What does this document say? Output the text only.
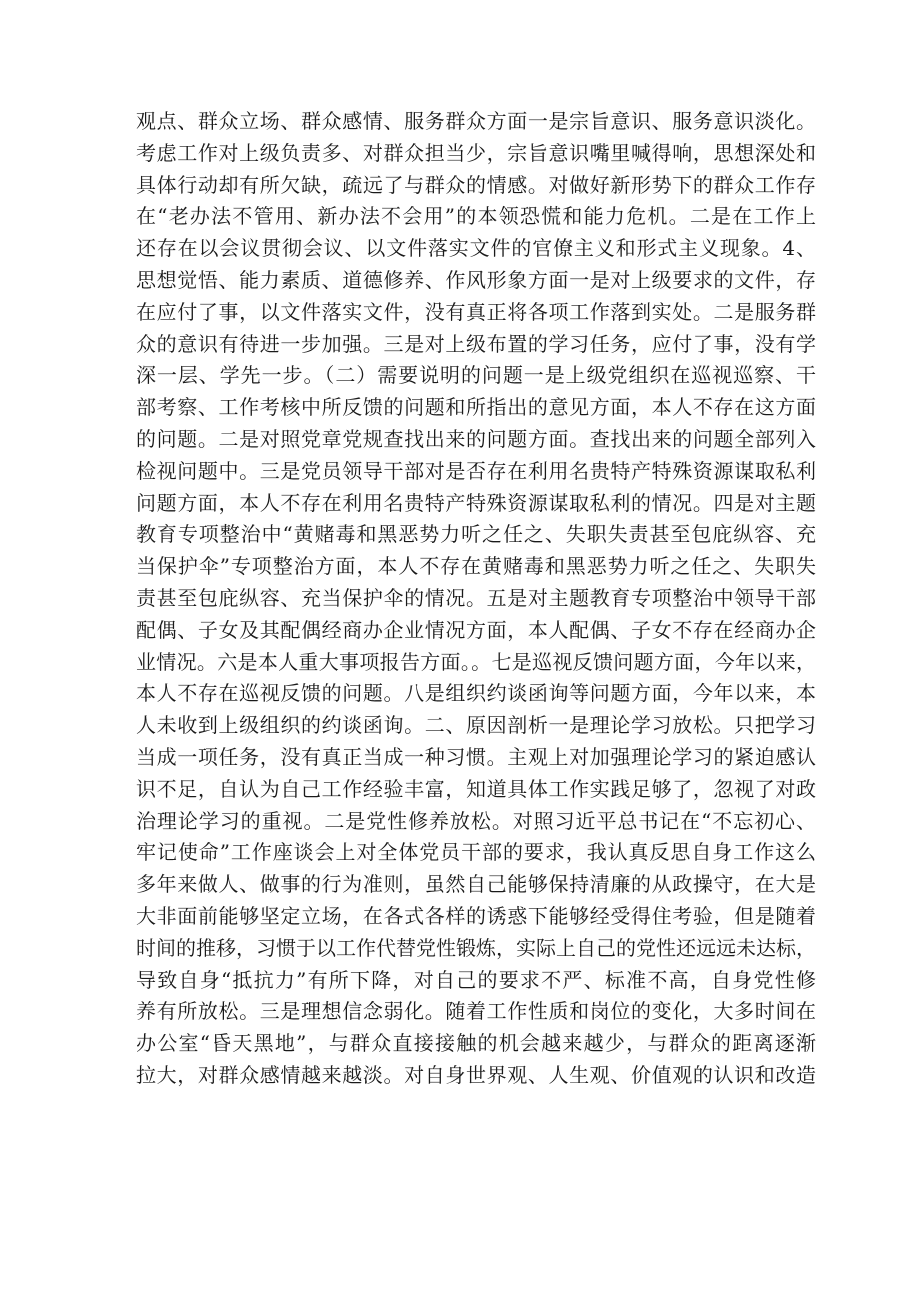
观点、群众立场、群众感情、服务群众方面一是宗旨意识、服务意识淡化。
考虑工作对上级负责多、对群众担当少，宗旨意识嘴里喊得响，思想深处和
具体行动却有所欠缺，疏远了与群众的情感。对做好新形势下的群众工作存
在“老办法不管用、新办法不会用”的本领恐慌和能力危机。二是在工作上
还存在以会议贯彻会议、以文件落实文件的官僚主义和形式主义现象。4、
思想觉悟、能力素质、道德修养、作风形象方面一是对上级要求的文件，存
在应付了事，以文件落实文件，没有真正将各项工作落到实处。二是服务群
众的意识有待进一步加强。三是对上级布置的学习任务，应付了事，没有学
深一层、学先一步。（二）需要说明的问题一是上级党组织在巡视巡察、干
部考察、工作考核中所反馈的问题和所指出的意见方面，本人不存在这方面
的问题。二是对照党章党规查找出来的问题方面。查找出来的问题全部列入
检视问题中。三是党员领导干部对是否存在利用名贵特产特殊资源谋取私利
问题方面，本人不存在利用名贵特产特殊资源谋取私利的情况。四是对主题
教育专项整治中“黄赌毒和黑恶势力听之任之、失职失责甚至包庇纵容、充
当保护伞”专项整治方面，本人不存在黄赌毒和黑恶势力听之任之、失职失
责甚至包庇纵容、充当保护伞的情况。五是对主题教育专项整治中领导干部
配偶、子女及其配偶经商办企业情况方面，本人配偶、子女不存在经商办企
业情况。六是本人重大事项报告方面。。七是巡视反馈问题方面，今年以来，
本人不存在巡视反馈的问题。八是组织约谈函询等问题方面，今年以来，本
人未收到上级组织的约谈函询。二、原因剖析一是理论学习放松。只把学习
当成一项任务，没有真正当成一种习惯。主观上对加强理论学习的紧迫感认
识不足，自认为自己工作经验丰富，知道具体工作实践足够了，忽视了对政
治理论学习的重视。二是党性修养放松。对照习近平总书记在“不忘初心、
牢记使命”工作座谈会上对全体党员干部的要求，我认真反思自身工作这么
多年来做人、做事的行为准则，虽然自己能够保持清廉的从政操守，在大是
大非面前能够坚定立场，在各式各样的诱惑下能够经受得住考验，但是随着
时间的推移，习惯于以工作代替党性锻炼，实际上自己的党性还远远未达标，
导致自身“抵抗力”有所下降，对自己的要求不严、标准不高，自身党性修
养有所放松。三是理想信念弱化。随着工作性质和岗位的变化，大多时间在
办公室“昏天黑地”，与群众直接接触的机会越来越少，与群众的距离逐渐
拉大，对群众感情越来越淡。对自身世界观、人生观、价值观的认识和改造
